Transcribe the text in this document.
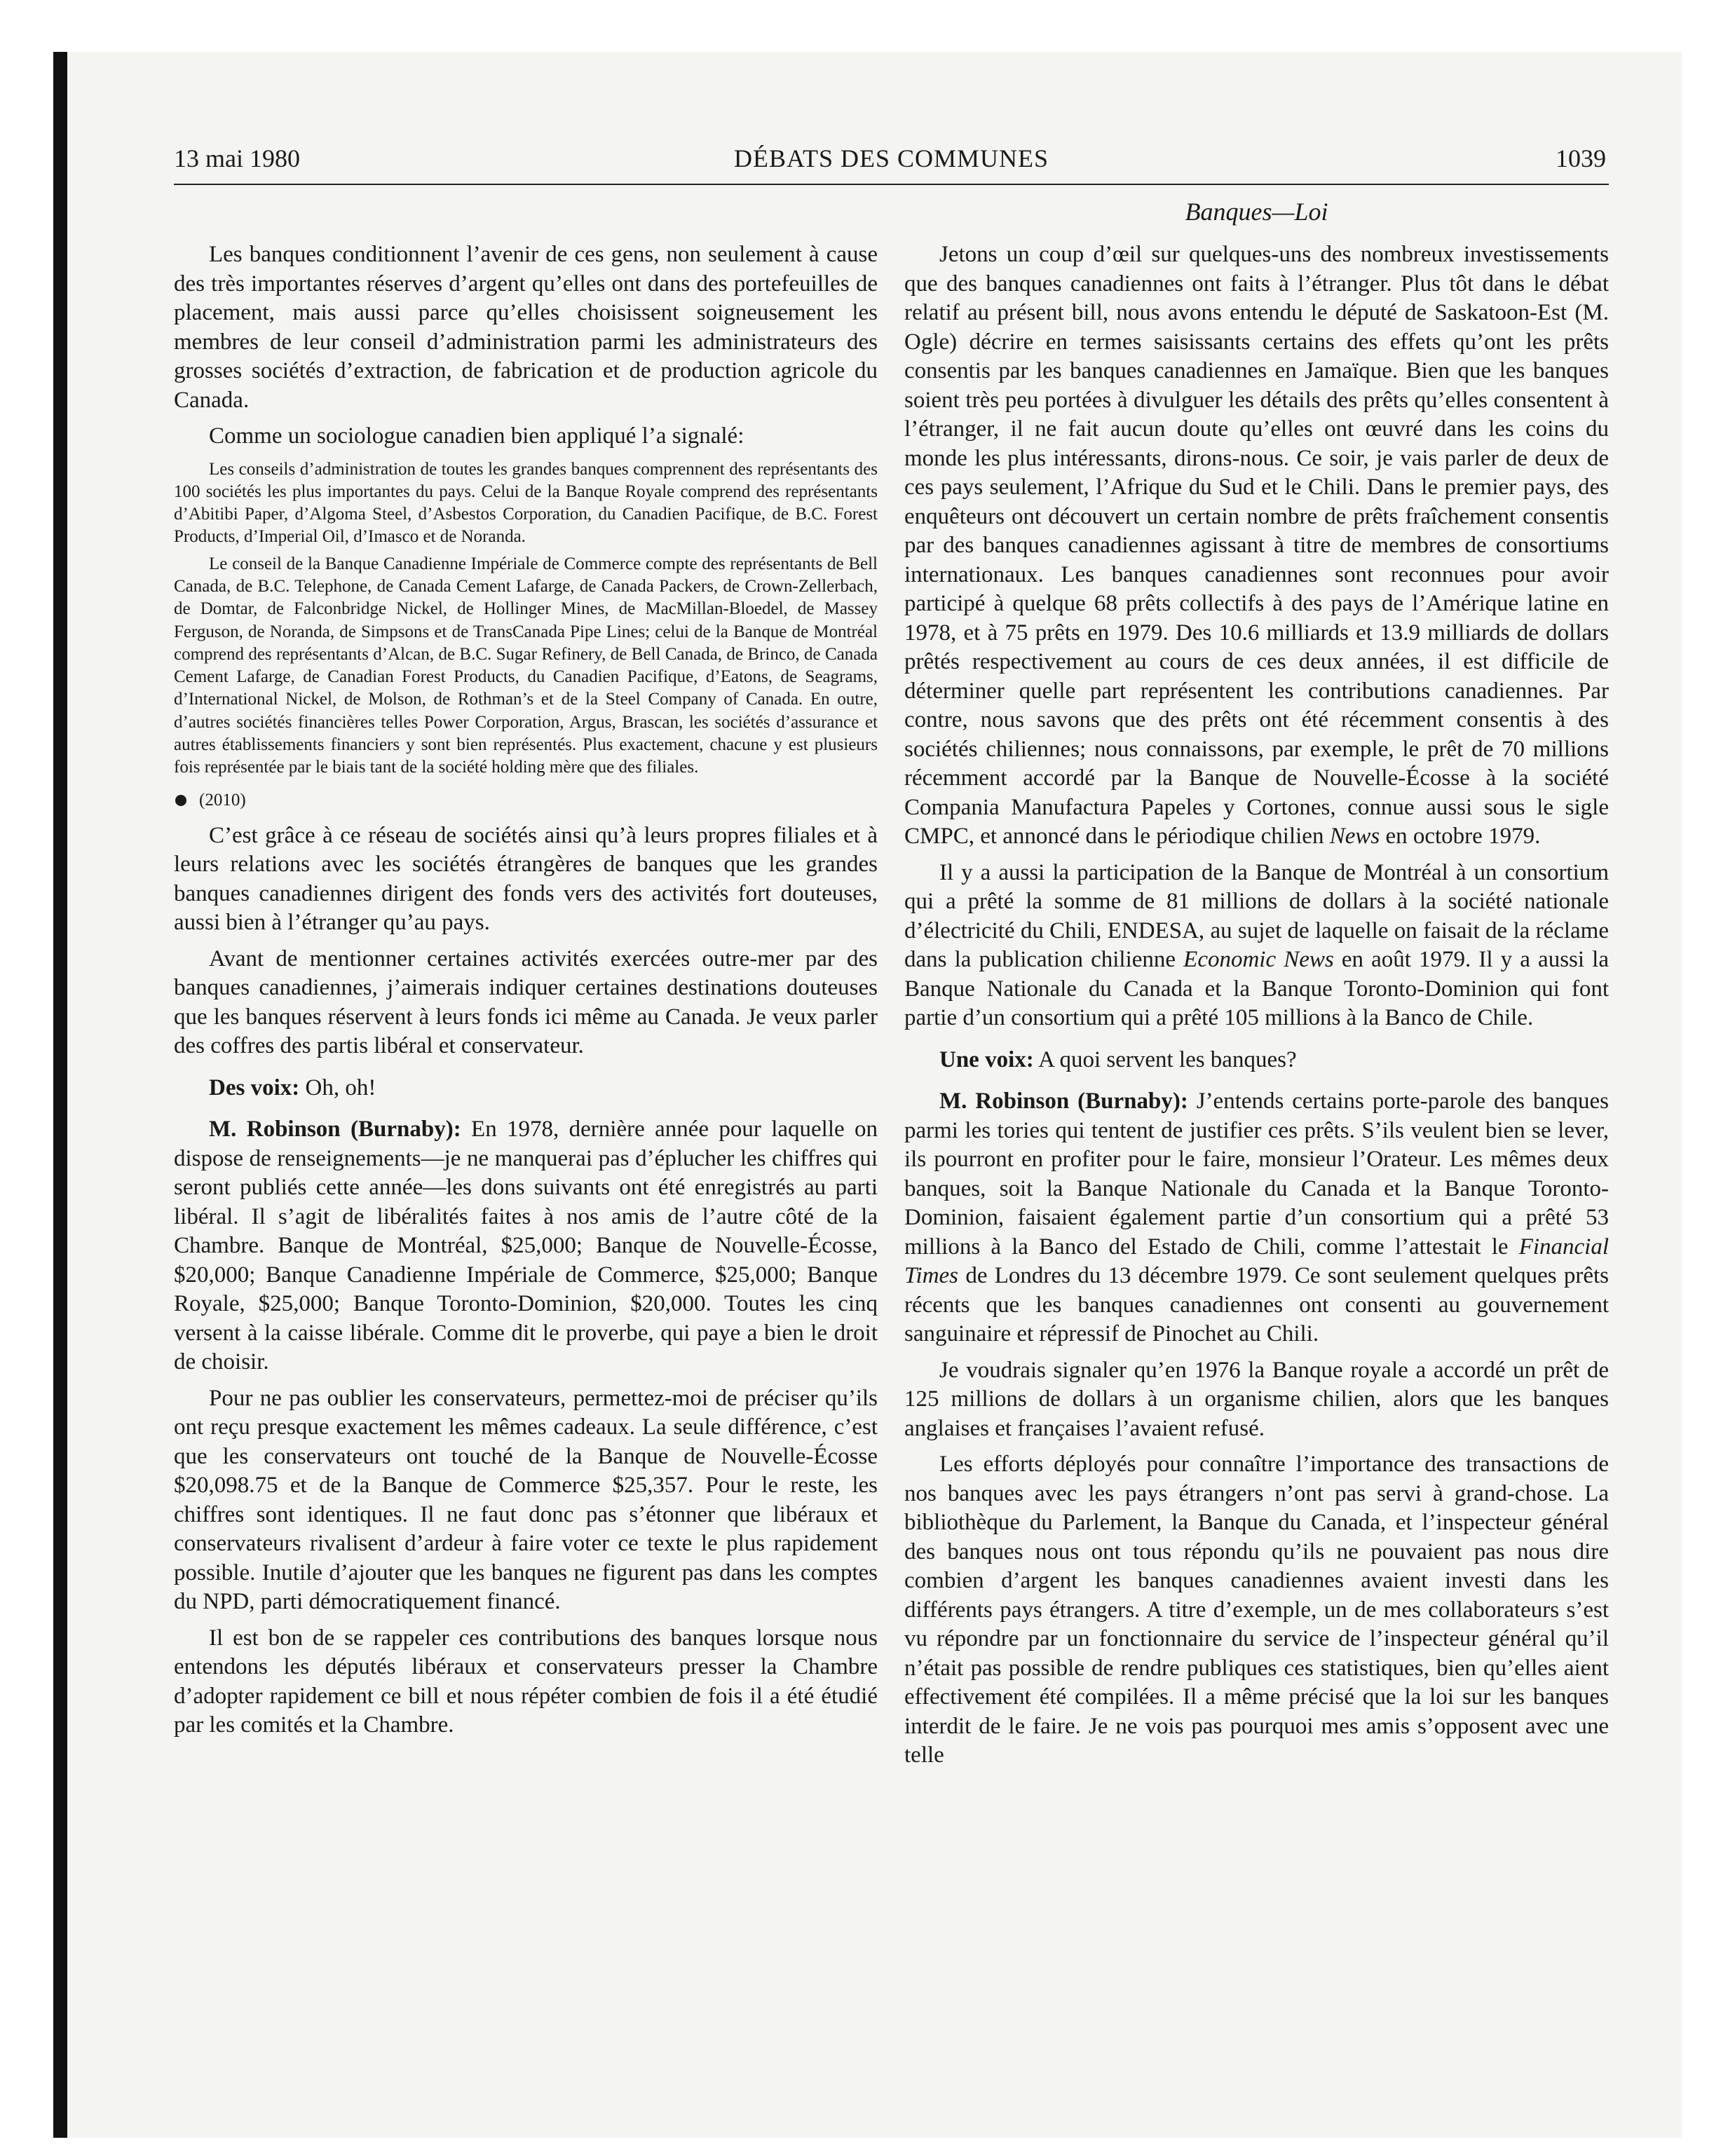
13 mai 1980	DÉBATS DES COMMUNES	1039
Banques—Loi

Les banques conditionnent l’avenir de ces gens, non seulement à cause des très importantes réserves d’argent qu’elles ont dans des portefeuilles de placement, mais aussi parce qu’elles choisissent soigneusement les membres de leur conseil d’administration parmi les administrateurs des grosses sociétés d’extraction, de fabrication et de production agricole du Canada.

Comme un sociologue canadien bien appliqué l’a signalé:

Les conseils d’administration de toutes les grandes banques comprennent des représentants des 100 sociétés les plus importantes du pays. Celui de la Banque Royale comprend des représentants d’Abitibi Paper, d’Algoma Steel, d’Asbestos Corporation, du Canadien Pacifique, de B.C. Forest Products, d’Imperial Oil, d’Imasco et de Noranda.

Le conseil de la Banque Canadienne Impériale de Commerce compte des représentants de Bell Canada, de B.C. Telephone, de Canada Cement Lafarge, de Canada Packers, de Crown-Zellerbach, de Domtar, de Falconbridge Nickel, de Hollinger Mines, de MacMillan-Bloedel, de Massey Ferguson, de Noranda, de Simpsons et de TransCanada Pipe Lines; celui de la Banque de Montréal comprend des représentants d’Alcan, de B.C. Sugar Refinery, de Bell Canada, de Brinco, de Canada Cement Lafarge, de Canadian Forest Products, du Canadien Pacifique, d’Eatons, de Seagrams, d’International Nickel, de Molson, de Rothman’s et de la Steel Company of Canada. En outre, d’autres sociétés financières telles Power Corporation, Argus, Brascan, les sociétés d’assurance et autres établissements financiers y sont bien représentés. Plus exactement, chacune y est plusieurs fois représentée par le biais tant de la société holding mère que des filiales.

(2010)

C’est grâce à ce réseau de sociétés ainsi qu’à leurs propres filiales et à leurs relations avec les sociétés étrangères de banques que les grandes banques canadiennes dirigent des fonds vers des activités fort douteuses, aussi bien à l’étranger qu’au pays.

Avant de mentionner certaines activités exercées outre-mer par des banques canadiennes, j’aimerais indiquer certaines destinations douteuses que les banques réservent à leurs fonds ici même au Canada. Je veux parler des coffres des partis libéral et conservateur.

Des voix: Oh, oh!

M. Robinson (Burnaby): En 1978, dernière année pour laquelle on dispose de renseignements—je ne manquerai pas d’éplucher les chiffres qui seront publiés cette année—les dons suivants ont été enregistrés au parti libéral. Il s’agit de libéralités faites à nos amis de l’autre côté de la Chambre. Banque de Montréal, $25,000; Banque de Nouvelle-Écosse, $20,000; Banque Canadienne Impériale de Commerce, $25,000; Banque Royale, $25,000; Banque Toronto-Dominion, $20,000. Toutes les cinq versent à la caisse libérale. Comme dit le proverbe, qui paye a bien le droit de choisir.

Pour ne pas oublier les conservateurs, permettez-moi de préciser qu’ils ont reçu presque exactement les mêmes cadeaux. La seule différence, c’est que les conservateurs ont touché de la Banque de Nouvelle-Écosse $20,098.75 et de la Banque de Commerce $25,357. Pour le reste, les chiffres sont identiques. Il ne faut donc pas s’étonner que libéraux et conservateurs rivalisent d’ardeur à faire voter ce texte le plus rapidement possible. Inutile d’ajouter que les banques ne figurent pas dans les comptes du NPD, parti démocratiquement financé.

Il est bon de se rappeler ces contributions des banques lorsque nous entendons les députés libéraux et conservateurs presser la Chambre d’adopter rapidement ce bill et nous répéter combien de fois il a été étudié par les comités et la Chambre.

Jetons un coup d’œil sur quelques-uns des nombreux investissements que des banques canadiennes ont faits à l’étranger. Plus tôt dans le débat relatif au présent bill, nous avons entendu le député de Saskatoon-Est (M. Ogle) décrire en termes saisissants certains des effets qu’ont les prêts consentis par les banques canadiennes en Jamaïque. Bien que les banques soient très peu portées à divulguer les détails des prêts qu’elles consentent à l’étranger, il ne fait aucun doute qu’elles ont œuvré dans les coins du monde les plus intéressants, dirons-nous. Ce soir, je vais parler de deux de ces pays seulement, l’Afrique du Sud et le Chili. Dans le premier pays, des enquêteurs ont découvert un certain nombre de prêts fraîchement consentis par des banques canadiennes agissant à titre de membres de consortiums internationaux. Les banques canadiennes sont reconnues pour avoir participé à quelque 68 prêts collectifs à des pays de l’Amérique latine en 1978, et à 75 prêts en 1979. Des 10.6 milliards et 13.9 milliards de dollars prêtés respectivement au cours de ces deux années, il est difficile de déterminer quelle part représentent les contributions canadiennes. Par contre, nous savons que des prêts ont été récemment consentis à des sociétés chiliennes; nous connaissons, par exemple, le prêt de 70 millions récemment accordé par la Banque de Nouvelle-Écosse à la société Compania Manufactura Papeles y Cortones, connue aussi sous le sigle CMPC, et annoncé dans le périodique chilien News en octobre 1979.

Il y a aussi la participation de la Banque de Montréal à un consortium qui a prêté la somme de 81 millions de dollars à la société nationale d’électricité du Chili, ENDESA, au sujet de laquelle on faisait de la réclame dans la publication chilienne Economic News en août 1979. Il y a aussi la Banque Nationale du Canada et la Banque Toronto-Dominion qui font partie d’un consortium qui a prêté 105 millions à la Banco de Chile.

Une voix: A quoi servent les banques?

M. Robinson (Burnaby): J’entends certains porte-parole des banques parmi les tories qui tentent de justifier ces prêts. S’ils veulent bien se lever, ils pourront en profiter pour le faire, monsieur l’Orateur. Les mêmes deux banques, soit la Banque Nationale du Canada et la Banque Toronto-Dominion, faisaient également partie d’un consortium qui a prêté 53 millions à la Banco del Estado de Chili, comme l’attestait le Financial Times de Londres du 13 décembre 1979. Ce sont seulement quelques prêts récents que les banques canadiennes ont consenti au gouvernement sanguinaire et répressif de Pinochet au Chili.

Je voudrais signaler qu’en 1976 la Banque royale a accordé un prêt de 125 millions de dollars à un organisme chilien, alors que les banques anglaises et françaises l’avaient refusé.

Les efforts déployés pour connaître l’importance des transactions de nos banques avec les pays étrangers n’ont pas servi à grand-chose. La bibliothèque du Parlement, la Banque du Canada, et l’inspecteur général des banques nous ont tous répondu qu’ils ne pouvaient pas nous dire combien d’argent les banques canadiennes avaient investi dans les différents pays étrangers. A titre d’exemple, un de mes collaborateurs s’est vu répondre par un fonctionnaire du service de l’inspecteur général qu’il n’était pas possible de rendre publiques ces statistiques, bien qu’elles aient effectivement été compilées. Il a même précisé que la loi sur les banques interdit de le faire. Je ne vois pas pourquoi mes amis s’opposent avec une telle
